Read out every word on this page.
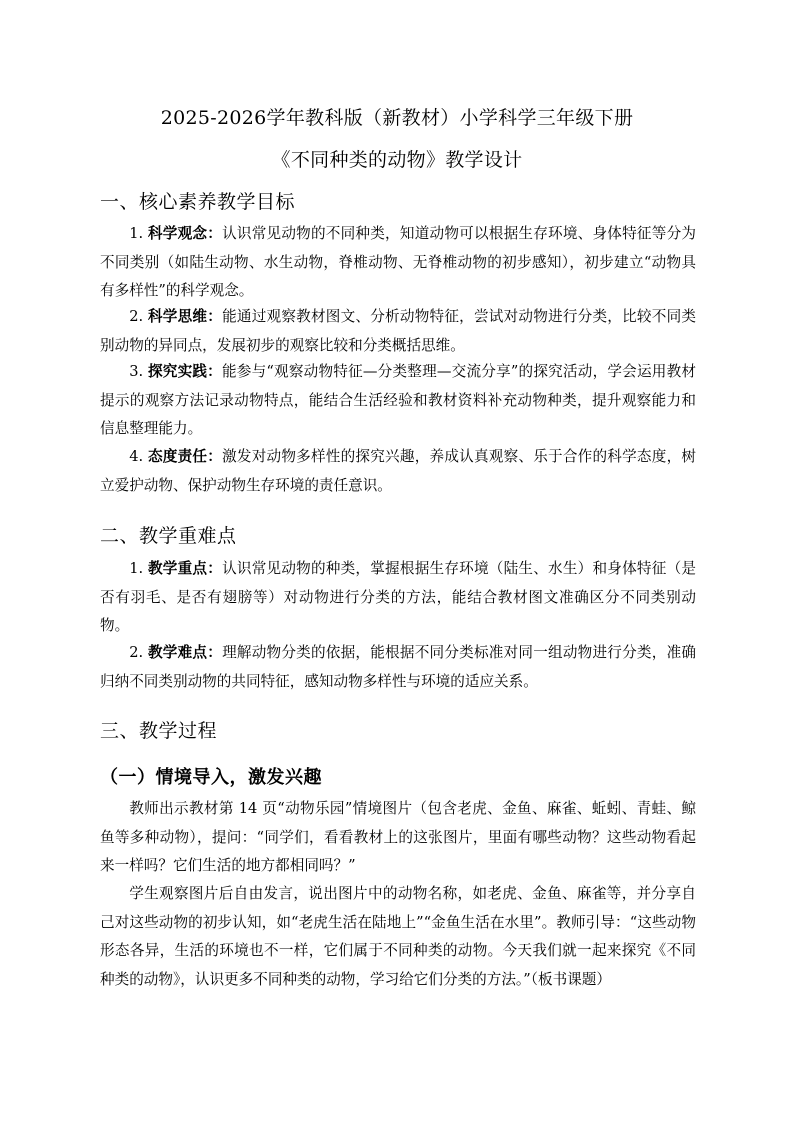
2025-2026学年教科版（新教材）小学科学三年级下册
《不同种类的动物》教学设计
一、核心素养教学目标
1. 科学观念：认识常见动物的不同种类，知道动物可以根据生存环境、身体特征等分为不同类别（如陆生动物、水生动物，脊椎动物、无脊椎动物的初步感知），初步建立“动物具有多样性”的科学观念。
2. 科学思维：能通过观察教材图文、分析动物特征，尝试对动物进行分类，比较不同类别动物的异同点，发展初步的观察比较和分类概括思维。
3. 探究实践：能参与“观察动物特征—分类整理—交流分享”的探究活动，学会运用教材提示的观察方法记录动物特点，能结合生活经验和教材资料补充动物种类，提升观察能力和信息整理能力。
4. 态度责任：激发对动物多样性的探究兴趣，养成认真观察、乐于合作的科学态度，树立爱护动物、保护动物生存环境的责任意识。
二、教学重难点
1. 教学重点：认识常见动物的种类，掌握根据生存环境（陆生、水生）和身体特征（是否有羽毛、是否有翅膀等）对动物进行分类的方法，能结合教材图文准确区分不同类别动物。
2. 教学难点：理解动物分类的依据，能根据不同分类标准对同一组动物进行分类，准确归纳不同类别动物的共同特征，感知动物多样性与环境的适应关系。
三、教学过程
（一）情境导入，激发兴趣
教师出示教材第 14 页“动物乐园”情境图片（包含老虎、金鱼、麻雀、蚯蚓、青蛙、鲸鱼等多种动物），提问：“同学们，看看教材上的这张图片，里面有哪些动物？这些动物看起来一样吗？它们生活的地方都相同吗？”
学生观察图片后自由发言，说出图片中的动物名称，如老虎、金鱼、麻雀等，并分享自己对这些动物的初步认知，如“老虎生活在陆地上”“金鱼生活在水里”。教师引导：“这些动物形态各异，生活的环境也不一样，它们属于不同种类的动物。今天我们就一起来探究《不同种类的动物》，认识更多不同种类的动物，学习给它们分类的方法。”（板书课题）
